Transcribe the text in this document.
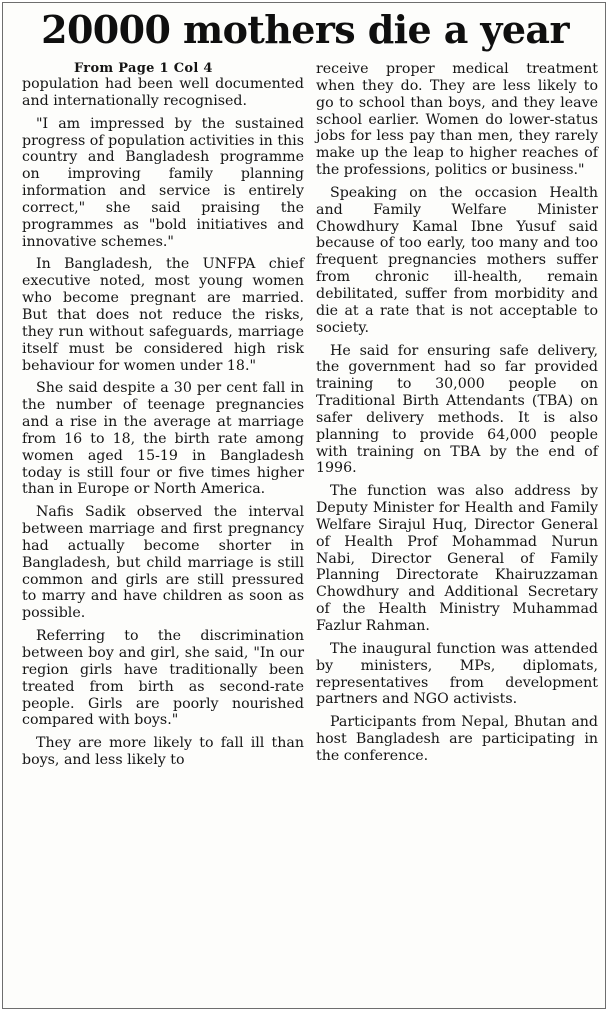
20000 mothers die a year
From Page 1 Col 4

population had been well documented and internationally recognised.

"I am impressed by the sustained progress of population activities in this country and Bangladesh programme on improving family planning information and service is entirely correct," she said praising the programmes as "bold initiatives and innovative schemes."

In Bangladesh, the UNFPA chief executive noted, most young women who become pregnant are married. But that does not reduce the risks, they run without safeguards, marriage itself must be considered high risk behaviour for women under 18."

She said despite a 30 per cent fall in the number of teenage pregnancies and a rise in the average at marriage from 16 to 18, the birth rate among women aged 15-19 in Bangladesh today is still four or five times higher than in Europe or North America.

Nafis Sadik observed the interval between marriage and first pregnancy had actually become shorter in Bangladesh, but child marriage is still common and girls are still pressured to marry and have children as soon as possible.

Referring to the discrimination between boy and girl, she said, "In our region girls have traditionally been treated from birth as second-rate people. Girls are poorly nourished compared with boys."

They are more likely to fall ill than boys, and less likely to

receive proper medical treatment when they do. They are less likely to go to school than boys, and they leave school earlier. Women do lower-status jobs for less pay than men, they rarely make up the leap to higher reaches of the professions, politics or business."

Speaking on the occasion Health and Family Welfare Minister Chowdhury Kamal Ibne Yusuf said because of too early, too many and too frequent pregnancies mothers suffer from chronic ill-health, remain debilitated, suffer from morbidity and die at a rate that is not acceptable to society.

He said for ensuring safe delivery, the government had so far provided training to 30,000 people on Traditional Birth Attendants (TBA) on safer delivery methods. It is also planning to provide 64,000 people with training on TBA by the end of 1996.

The function was also address by Deputy Minister for Health and Family Welfare Sirajul Huq, Director General of Health Prof Mohammad Nurun Nabi, Director General of Family Planning Directorate Khairuzzaman Chowdhury and Additional Secretary of the Health Ministry Muhammad Fazlur Rahman.

The inaugural function was attended by ministers, MPs, diplomats, representatives from development partners and NGO activists.

Participants from Nepal, Bhutan and host Bangladesh are participating in the conference.
